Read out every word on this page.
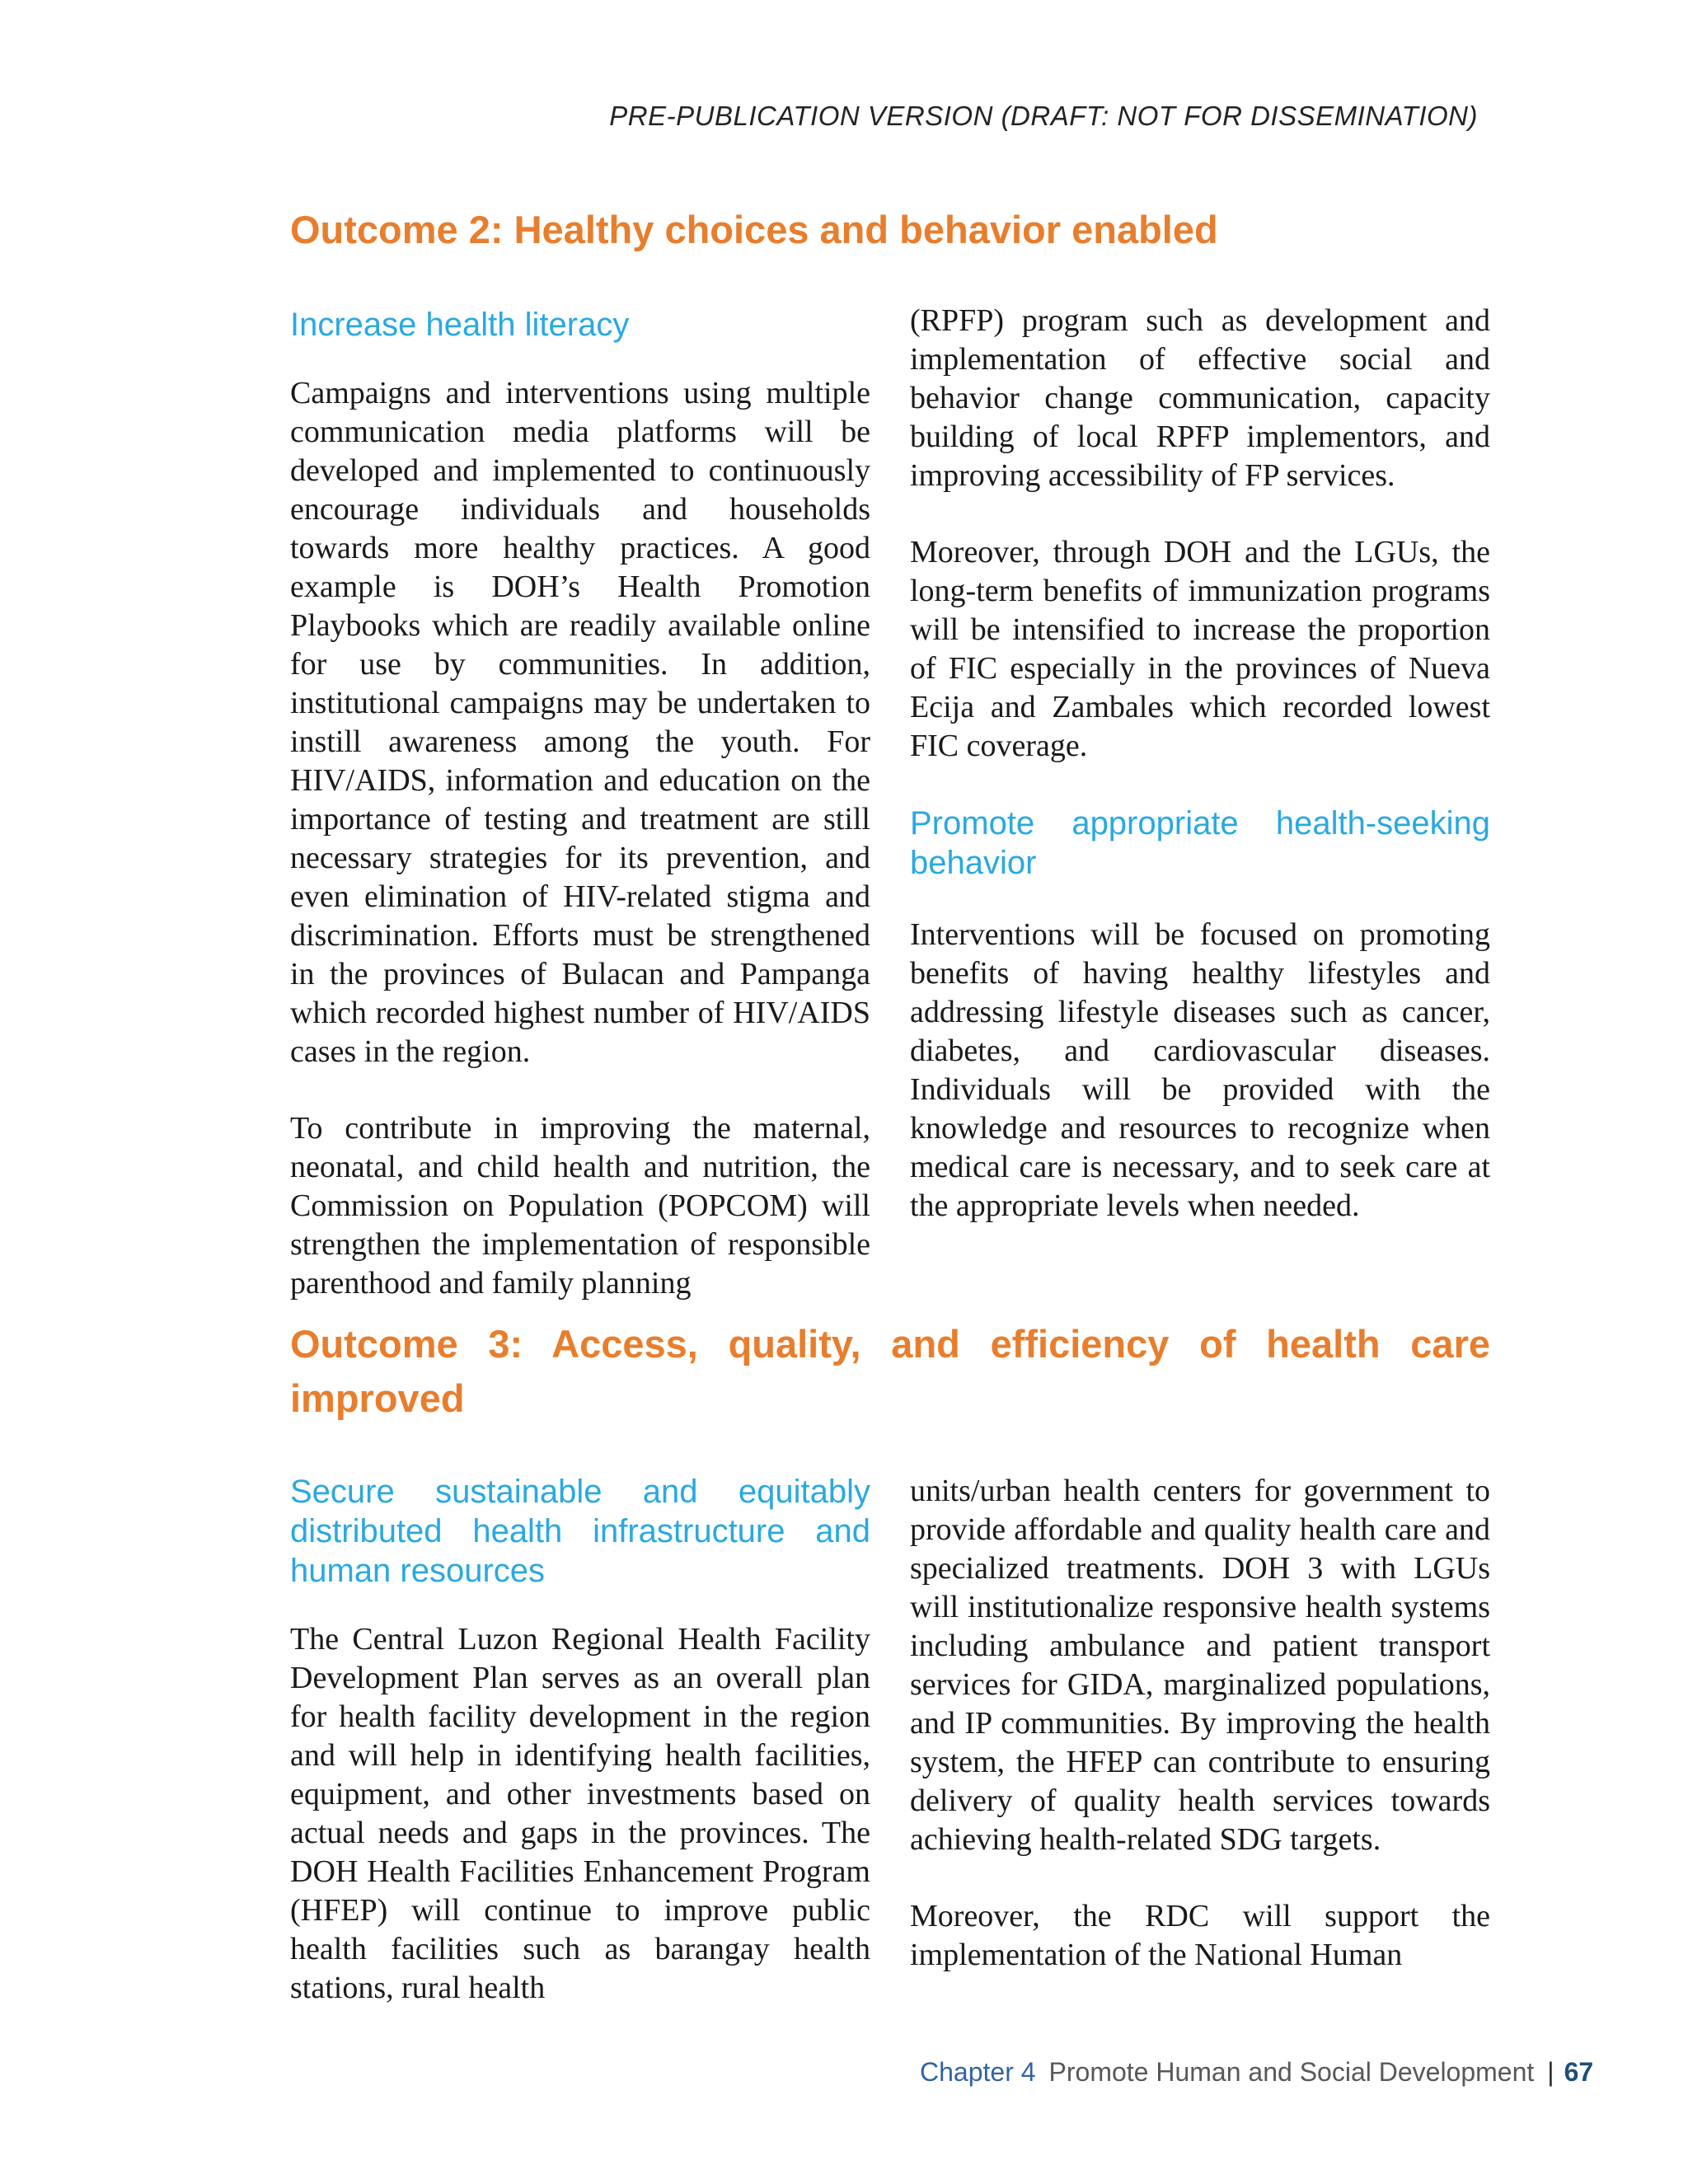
PRE-PUBLICATION VERSION (DRAFT: NOT FOR DISSEMINATION)
Outcome 2: Healthy choices and behavior enabled
Increase health literacy

Campaigns and interventions using multiple communication media platforms will be developed and implemented to continuously encourage individuals and households towards more healthy practices. A good example is DOH’s Health Promotion Playbooks which are readily available online for use by communities. In addition, institutional campaigns may be undertaken to instill awareness among the youth. For HIV/AIDS, information and education on the importance of testing and treatment are still necessary strategies for its prevention, and even elimination of HIV-related stigma and discrimination. Efforts must be strengthened in the provinces of Bulacan and Pampanga which recorded highest number of HIV/AIDS cases in the region.

To contribute in improving the maternal, neonatal, and child health and nutrition, the Commission on Population (POPCOM) will strengthen the implementation of responsible parenthood and family planning

(RPFP) program such as development and implementation of effective social and behavior change communication, capacity building of local RPFP implementors, and improving accessibility of FP services.

Moreover, through DOH and the LGUs, the long-term benefits of immunization programs will be intensified to increase the proportion of FIC especially in the provinces of Nueva Ecija and Zambales which recorded lowest FIC coverage.

Promote appropriate health-seeking behavior

Interventions will be focused on promoting benefits of having healthy lifestyles and addressing lifestyle diseases such as cancer, diabetes, and cardiovascular diseases. Individuals will be provided with the knowledge and resources to recognize when medical care is necessary, and to seek care at the appropriate levels when needed.

Outcome 3: Access, quality, and efficiency of health care improved
Secure sustainable and equitably distributed health infrastructure and human resources

The Central Luzon Regional Health Facility Development Plan serves as an overall plan for health facility development in the region and will help in identifying health facilities, equipment, and other investments based on actual needs and gaps in the provinces. The DOH Health Facilities Enhancement Program (HFEP) will continue to improve public health facilities such as barangay health stations, rural health

units/urban health centers for government to provide affordable and quality health care and specialized treatments. DOH 3 with LGUs will institutionalize responsive health systems including ambulance and patient transport services for GIDA, marginalized populations, and IP communities. By improving the health system, the HFEP can contribute to ensuring delivery of quality health services towards achieving health-related SDG targets.

Moreover, the RDC will support the implementation of the National Human

Chapter 4 Promote Human and Social Development | 67
